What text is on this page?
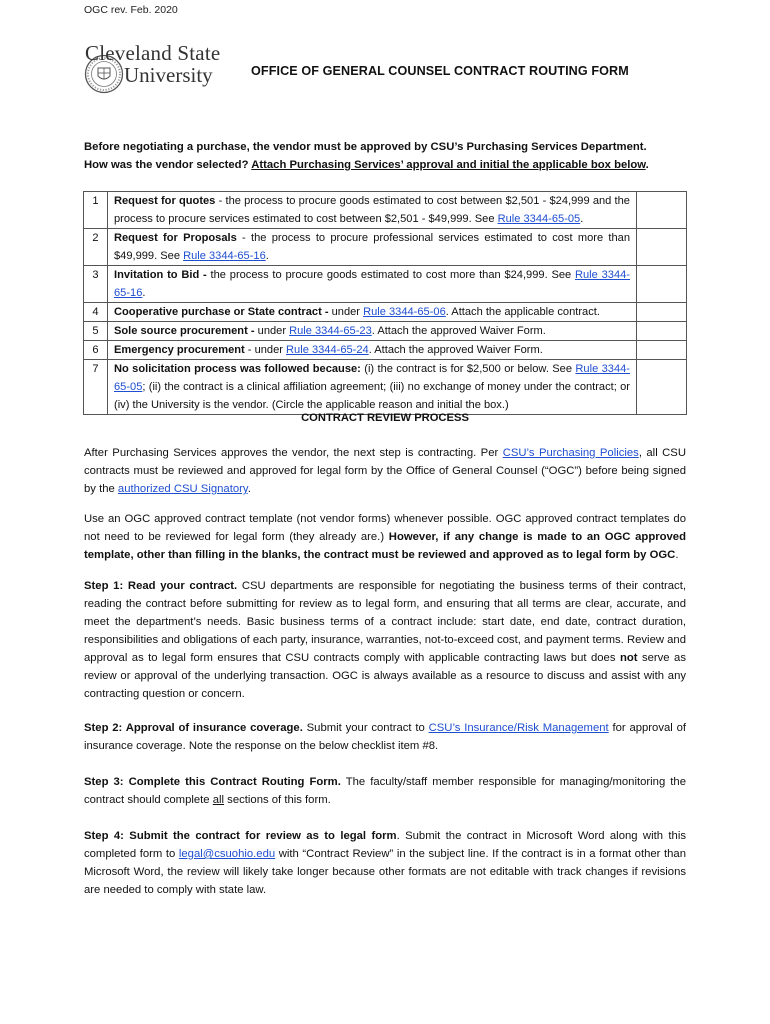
OGC rev. Feb. 2020
Cleveland State
University	OFFICE OF GENERAL COUNSEL CONTRACT ROUTING FORM
Before negotiating a purchase, the vendor must be approved by CSU’s Purchasing Services Department.
How was the vendor selected? Attach Purchasing Services’ approval and initial the applicable box below.
1	Request for quotes - the process to procure goods estimated to cost between $2,501 - $24,999 and the process to procure services estimated to cost between $2,501 - $49,999. See Rule 3344-65-05.	
2	Request for Proposals - the process to procure professional services estimated to cost more than $49,999. See Rule 3344-65-16.	
3	Invitation to Bid - the process to procure goods estimated to cost more than $24,999. See Rule 3344-65-16.	
4	Cooperative purchase or State contract - under Rule 3344-65-06. Attach the applicable contract.	
5	Sole source procurement - under Rule 3344-65-23. Attach the approved Waiver Form.	
6	Emergency procurement - under Rule 3344-65-24. Attach the approved Waiver Form.	
7	No solicitation process was followed because: (i) the contract is for $2,500 or below. See Rule 3344-65-05; (ii) the contract is a clinical affiliation agreement; (iii) no exchange of money under the contract; or (iv) the University is the vendor. (Circle the applicable reason and initial the box.)	
CONTRACT REVIEW PROCESS
After Purchasing Services approves the vendor, the next step is contracting. Per CSU’s Purchasing Policies, all CSU contracts must be reviewed and approved for legal form by the Office of General Counsel (“OGC”) before being signed by the authorized CSU Signatory.
Use an OGC approved contract template (not vendor forms) whenever possible. OGC approved contract templates do not need to be reviewed for legal form (they already are.) However, if any change is made to an OGC approved template, other than filling in the blanks, the contract must be reviewed and approved as to legal form by OGC.
Step 1: Read your contract. CSU departments are responsible for negotiating the business terms of their contract, reading the contract before submitting for review as to legal form, and ensuring that all terms are clear, accurate, and meet the department’s needs. Basic business terms of a contract include: start date, end date, contract duration, responsibilities and obligations of each party, insurance, warranties, not-to-exceed cost, and payment terms. Review and approval as to legal form ensures that CSU contracts comply with applicable contracting laws but does not serve as review or approval of the underlying transaction. OGC is always available as a resource to discuss and assist with any contracting question or concern.
Step 2: Approval of insurance coverage. Submit your contract to CSU’s Insurance/Risk Management for approval of insurance coverage. Note the response on the below checklist item #8.
Step 3: Complete this Contract Routing Form. The faculty/staff member responsible for managing/monitoring the contract should complete all sections of this form.
Step 4: Submit the contract for review as to legal form. Submit the contract in Microsoft Word along with this completed form to legal@csuohio.edu with “Contract Review” in the subject line. If the contract is in a format other than Microsoft Word, the review will likely take longer because other formats are not editable with track changes if revisions are needed to comply with state law.
